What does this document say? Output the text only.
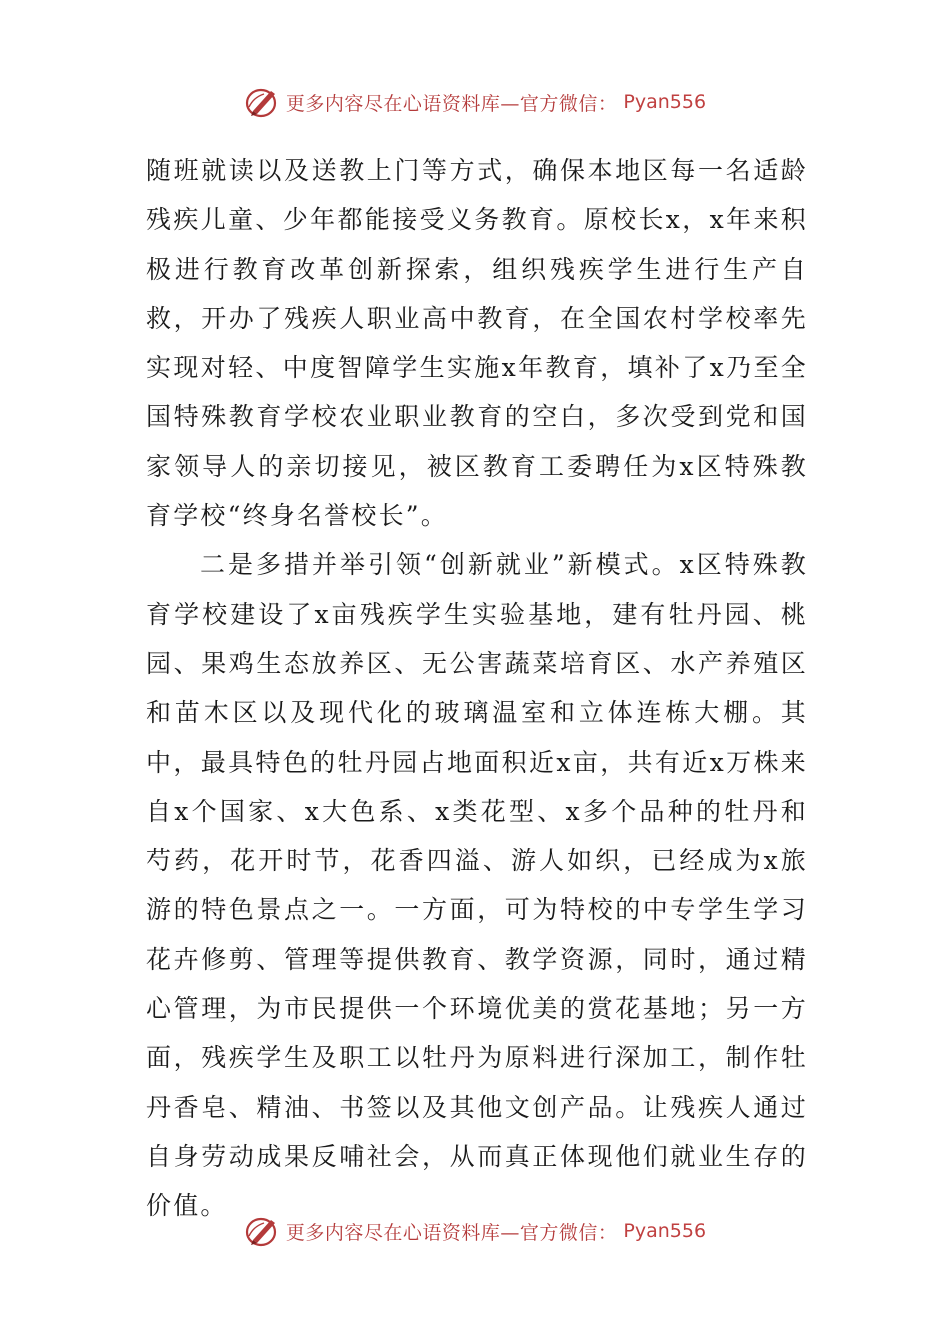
更多内容尽在心语资料库—官方微信： Pyan556

随班就读以及送教上门等方式，确保本地区每一名适龄残疾儿童、少年都能接受义务教育。原校长x，x年来积极进行教育改革创新探索，组织残疾学生进行生产自救，开办了残疾人职业高中教育，在全国农村学校率先实现对轻、中度智障学生实施x年教育，填补了x乃至全国特殊教育学校农业职业教育的空白，多次受到党和国家领导人的亲切接见，被区教育工委聘任为x区特殊教育学校“终身名誉校长”。

二是多措并举引领“创新就业”新模式。x区特殊教育学校建设了x亩残疾学生实验基地，建有牡丹园、桃园、果鸡生态放养区、无公害蔬菜培育区、水产养殖区和苗木区以及现代化的玻璃温室和立体连栋大棚。其中，最具特色的牡丹园占地面积近x亩，共有近x万株来自x个国家、x大色系、x类花型、x多个品种的牡丹和芍药，花开时节，花香四溢、游人如织，已经成为x旅游的特色景点之一。一方面，可为特校的中专学生学习花卉修剪、管理等提供教育、教学资源，同时，通过精心管理，为市民提供一个环境优美的赏花基地；另一方面，残疾学生及职工以牡丹为原料进行深加工，制作牡丹香皂、精油、书签以及其他文创产品。让残疾人通过自身劳动成果反哺社会，从而真正体现他们就业生存的价值。

更多内容尽在心语资料库—官方微信： Pyan556
